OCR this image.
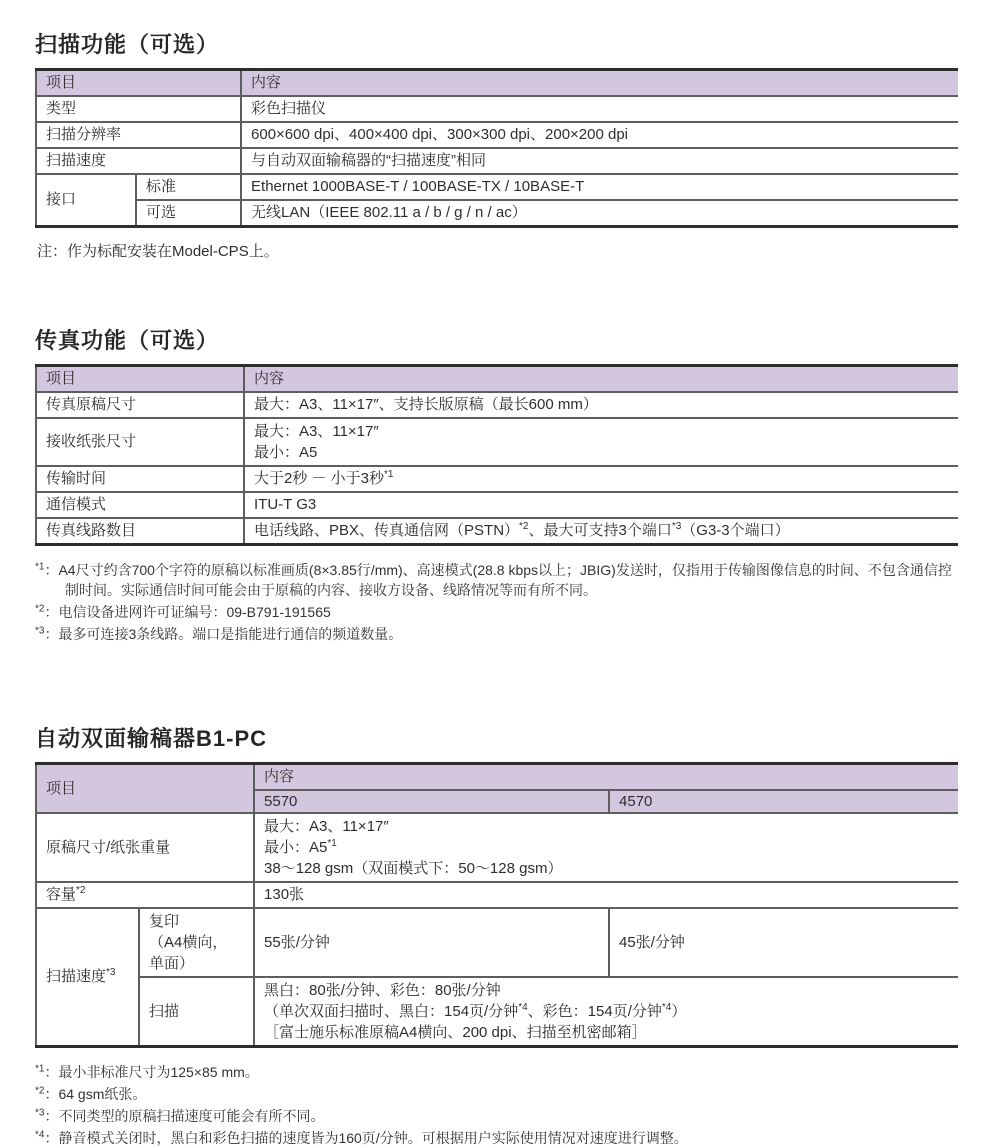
扫描功能（可选）
项目		内容
类型		彩色扫描仪
扫描分辨率		600×600 dpi、400×400 dpi、300×300 dpi、200×200 dpi
扫描速度		与自动双面输稿器的“扫描速度”相同
接口	标准	Ethernet 1000BASE-T / 100BASE-TX / 10BASE-T
	可选	无线LAN（IEEE 802.11 a / b / g / n / ac）

注：作为标配安装在Model-CPS上。

传真功能（可选）
项目	内容
传真原稿尺寸	最大：A3、11×17″、支持长版原稿（最长600 mm）
接收纸张尺寸	最大：A3、11×17″
最小：A5

传输时间	大于2秒 － 小于3秒$^{*1}$
通信模式	ITU-T G3
传真线路数目	电话线路、PBX、传真通信网（PSTN）$^{*2}$、最大可支持3个端口$^{*3}$（G3-3个端口）
$^{*1}$：A4尺寸约含700个字符的原稿以标准画质(8×3.85行/mm)、高速模式(28.8 kbps以上；JBIG)发送时，仅指用于传输图像信息的时间、不包含通信控制时间。实际通信时间可能会由于原稿的内容、接收方设备、线路情况等而有所不同。
$^{*2}$：电信设备进网许可证编号：09-B791-191565
$^{*3}$：最多可连接3条线路。端口是指能进行通信的频道数量。
自动双面输稿器B1-PC
项目		内容	
		5570	4570
原稿尺寸/纸张重量		最大：A3、11×17″
最小：A5$^{*1}$
38～128 gsm（双面模式下：50～128 gsm）	

容量$^{*2}$		130张	
扫描速度$^{*3}$	复印
（A4横向，
单面）	55张/分钟	45张/分钟
	扫描	黑白：80张/分钟、彩色：80张/分钟
（单次双面扫描时、黑白：154页/分钟$^{*4}$、彩色：154页/分钟$^{*4}$）
［富士施乐标准原稿A4横向、200 dpi、扫描至机密邮箱］	
$^{*1}$：最小非标准尺寸为125×85 mm。
$^{*2}$：64 gsm纸张。
$^{*3}$：不同类型的原稿扫描速度可能会有所不同。
$^{*4}$：静音模式关闭时，黑白和彩色扫描的速度皆为160页/分钟。可根据用户实际使用情况对速度进行调整。
